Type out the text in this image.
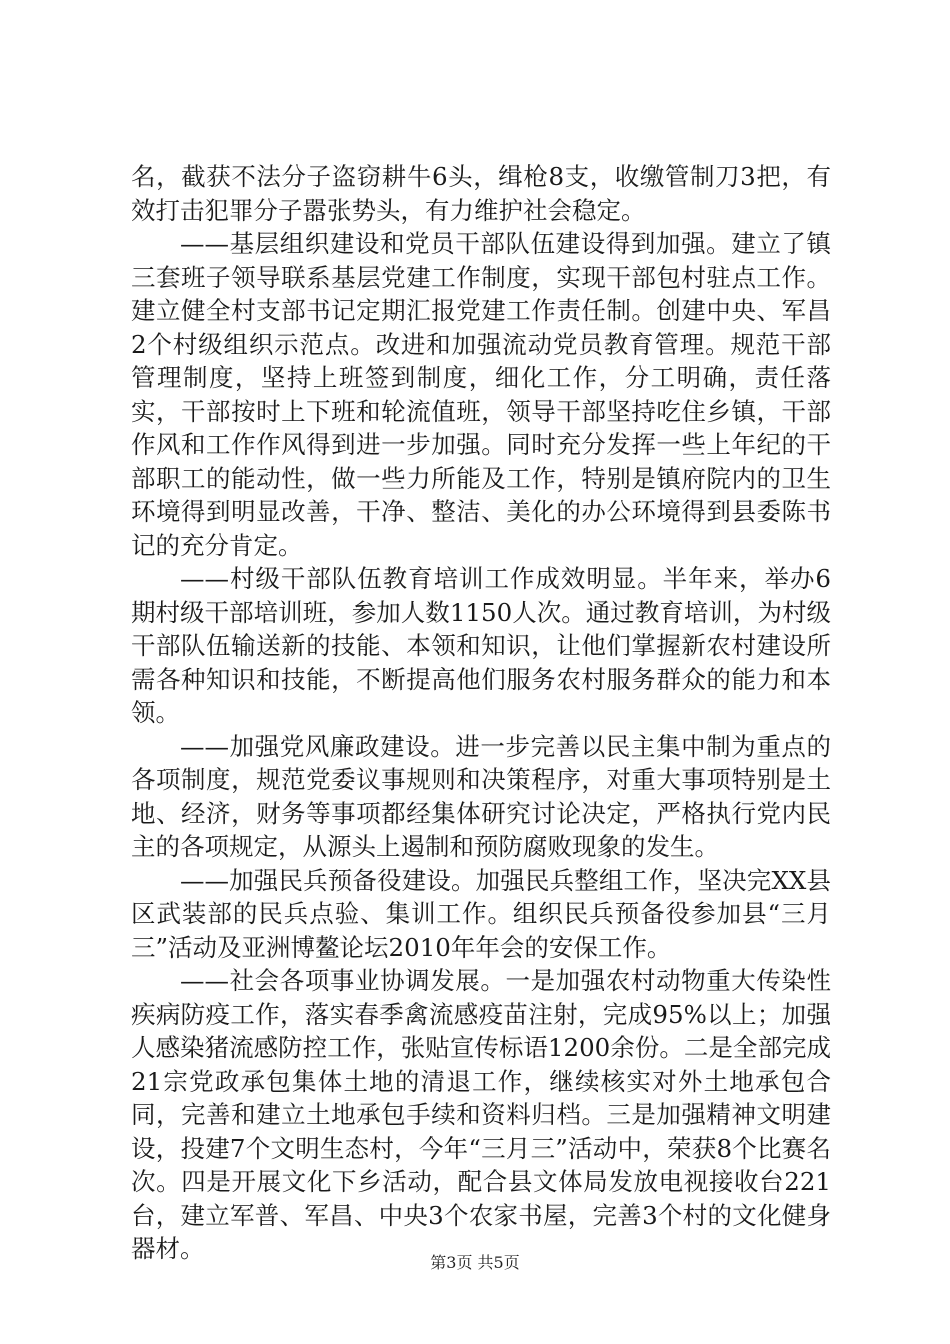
名，截获不法分子盗窃耕牛6头，缉枪8支，收缴管制刀3把，有效打击犯罪分子嚣张势头，有力维护社会稳定。

——基层组织建设和党员干部队伍建设得到加强。建立了镇三套班子领导联系基层党建工作制度，实现干部包村驻点工作。建立健全村支部书记定期汇报党建工作责任制。创建中央、军昌2个村级组织示范点。改进和加强流动党员教育管理。规范干部管理制度，坚持上班签到制度，细化工作，分工明确，责任落实，干部按时上下班和轮流值班，领导干部坚持吃住乡镇，干部作风和工作作风得到进一步加强。同时充分发挥一些上年纪的干部职工的能动性，做一些力所能及工作，特别是镇府院内的卫生环境得到明显改善，干净、整洁、美化的办公环境得到县委陈书记的充分肯定。

——村级干部队伍教育培训工作成效明显。半年来，举办6期村级干部培训班，参加人数1150人次。通过教育培训，为村级干部队伍输送新的技能、本领和知识，让他们掌握新农村建设所需各种知识和技能，不断提高他们服务农村服务群众的能力和本领。

——加强党风廉政建设。进一步完善以民主集中制为重点的各项制度，规范党委议事规则和决策程序，对重大事项特别是土地、经济，财务等事项都经集体研究讨论决定，严格执行党内民主的各项规定，从源头上遏制和预防腐败现象的发生。

——加强民兵预备役建设。加强民兵整组工作，坚决完XX县区武装部的民兵点验、集训工作。组织民兵预备役参加县“三月三”活动及亚洲博鳌论坛2010年年会的安保工作。

——社会各项事业协调发展。一是加强农村动物重大传染性疾病防疫工作，落实春季禽流感疫苗注射，完成95%以上；加强人感染猪流感防控工作，张贴宣传标语1200余份。二是全部完成21宗党政承包集体土地的清退工作，继续核实对外土地承包合同，完善和建立土地承包手续和资料归档。三是加强精神文明建设，投建7个文明生态村，今年“三月三”活动中，荣获8个比赛名次。四是开展文化下乡活动，配合县文体局发放电视接收台221台，建立军普、军昌、中央3个农家书屋，完善3个村的文化健身器材。	第3页 共5页
